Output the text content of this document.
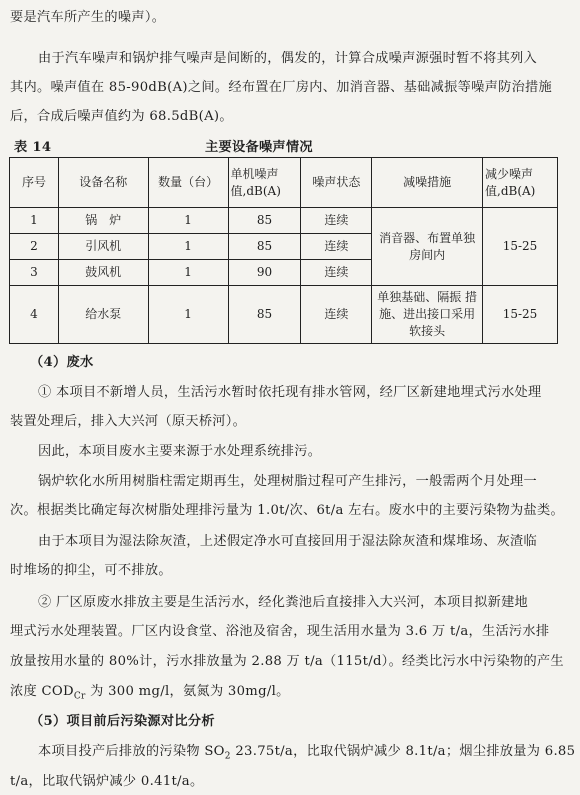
要是汽车所产生的噪声）。
由于汽车噪声和锅炉排气噪声是间断的，偶发的，计算合成噪声源强时暂不将其列入
其内。噪声值在 85-90dB(A)之间。经布置在厂房内、加消音器、基础减振等噪声防治措施
后，合成后噪声值约为 68.5dB(A)。
表 14	主要设备噪声情况
序号	设备名称	数量（台）	单机噪声值,dB(A)	噪声状态	减噪措施	减少噪声值,dB(A)
1	锅　炉	1	85	连续	消音器、布置单独房间内	15-25
2	引风机	1	85	连续		
3	鼓风机	1	90	连续		
4	给水泵	1	85	连续	单独基础、隔振 措施、进出接口采用软接头	15-25
（4）废水
① 本项目不新增人员，生活污水暂时依托现有排水管网，经厂区新建地埋式污水处理
装置处理后，排入大兴河（原天桥河）。
因此，本项目废水主要来源于水处理系统排污。
锅炉软化水所用树脂柱需定期再生，处理树脂过程可产生排污，一般需两个月处理一
次。根据类比确定每次树脂处理排污量为 1.0t/次、6t/a 左右。废水中的主要污染物为盐类。
由于本项目为湿法除灰渣，上述假定净水可直接回用于湿法除灰渣和煤堆场、灰渣临
时堆场的抑尘，可不排放。
② 厂区原废水排放主要是生活污水，经化粪池后直接排入大兴河，本项目拟新建地
埋式污水处理装置。厂区内设食堂、浴池及宿舍，现生活用水量为 3.6 万 t/a，生活污水排
放量按用水量的 80%计，污水排放量为 2.88 万 t/a（115t/d）。经类比污水中污染物的产生
浓度 $COD_{Cr}$ 为 300 mg/l，氨氮为 30mg/l。
（5）项目前后污染源对比分析
本项目投产后排放的污染物 $SO_2$ 23.75t/a，比取代锅炉减少 8.1t/a；烟尘排放量为 6.85
t/a，比取代锅炉减少 0.41t/a。
